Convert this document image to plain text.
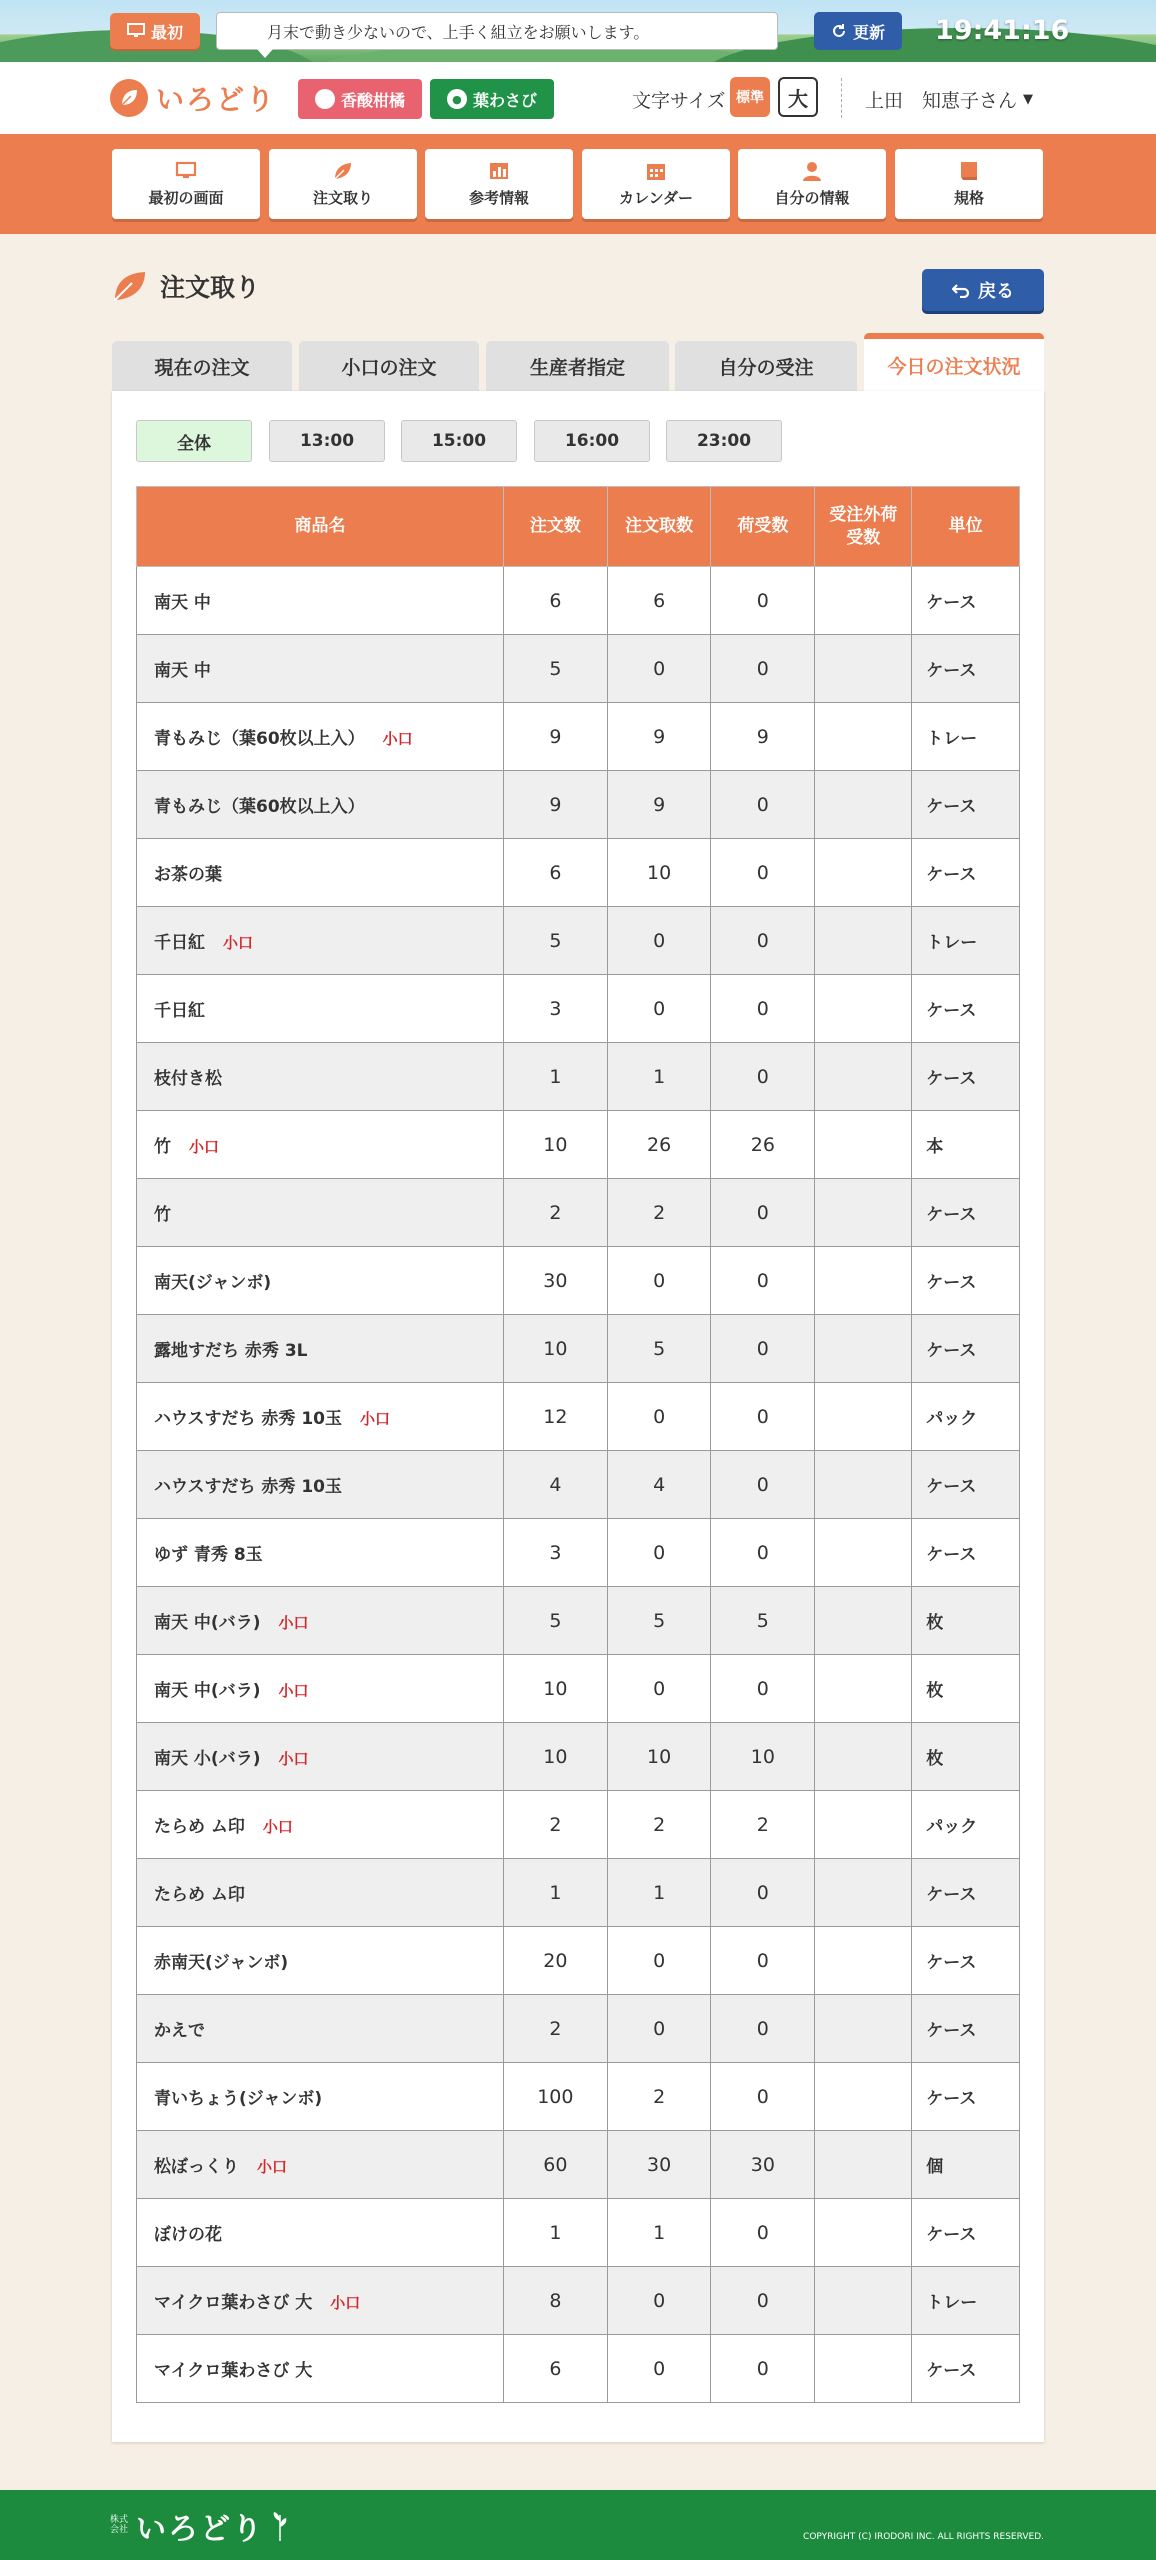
最初	月末で動き少ないので、上手く組立をお願いします。	更新 19:41:16
いろどり	● 香酸柑橘	● 葉わさび	文字サイズ 標準	大	上田　知恵子さん ▼
最初の画面	注文取り	参考情報	カレンダー	自分の情報	規格
注文取り	戻る
現在の注文	小口の注文	生産者指定	自分の受注	今日の注文状況
全体	13:00	15:00	16:00	23:00
商品名	注文数	注文取数	荷受数	受注外荷受数	単位
南天 中	6	6	0		ケース
南天 中	5	0	0		ケース
青もみじ（葉60枚以上入） 小口	9	9	9		トレー
青もみじ（葉60枚以上入）	9	9	0		ケース
お茶の葉	6	10	0		ケース
千日紅 小口	5	0	0		トレー
千日紅	3	0	0		ケース
枝付き松	1	1	0		ケース
竹 小口	10	26	26		本
竹	2	2	0		ケース
南天(ジャンボ)	30	0	0		ケース
露地すだち 赤秀 3L	10	5	0		ケース
ハウスすだち 赤秀 10玉 小口	12	0	0		パック
ハウスすだち 赤秀 10玉	4	4	0		ケース
ゆず 青秀 8玉	3	0	0		ケース
南天 中(バラ) 小口	5	5	5		枚
南天 中(バラ) 小口	10	0	0		枚
南天 小(バラ) 小口	10	10	10		枚
たらめ ム印 小口	2	2	2		パック
たらめ ム印	1	1	0		ケース
赤南天(ジャンボ)	20	0	0		ケース
かえで	2	0	0		ケース
青いちょう(ジャンボ)	100	2	0		ケース
松ぼっくり 小口	60	30	30		個
ぼけの花	1	1	0		ケース
マイクロ葉わさび 大 小口	8	0	0		トレー
マイクロ葉わさび 大	6	0	0		ケース
株式会社 いろどり	COPYRIGHT (C) IRODORI INC. ALL RIGHTS RESERVED.
